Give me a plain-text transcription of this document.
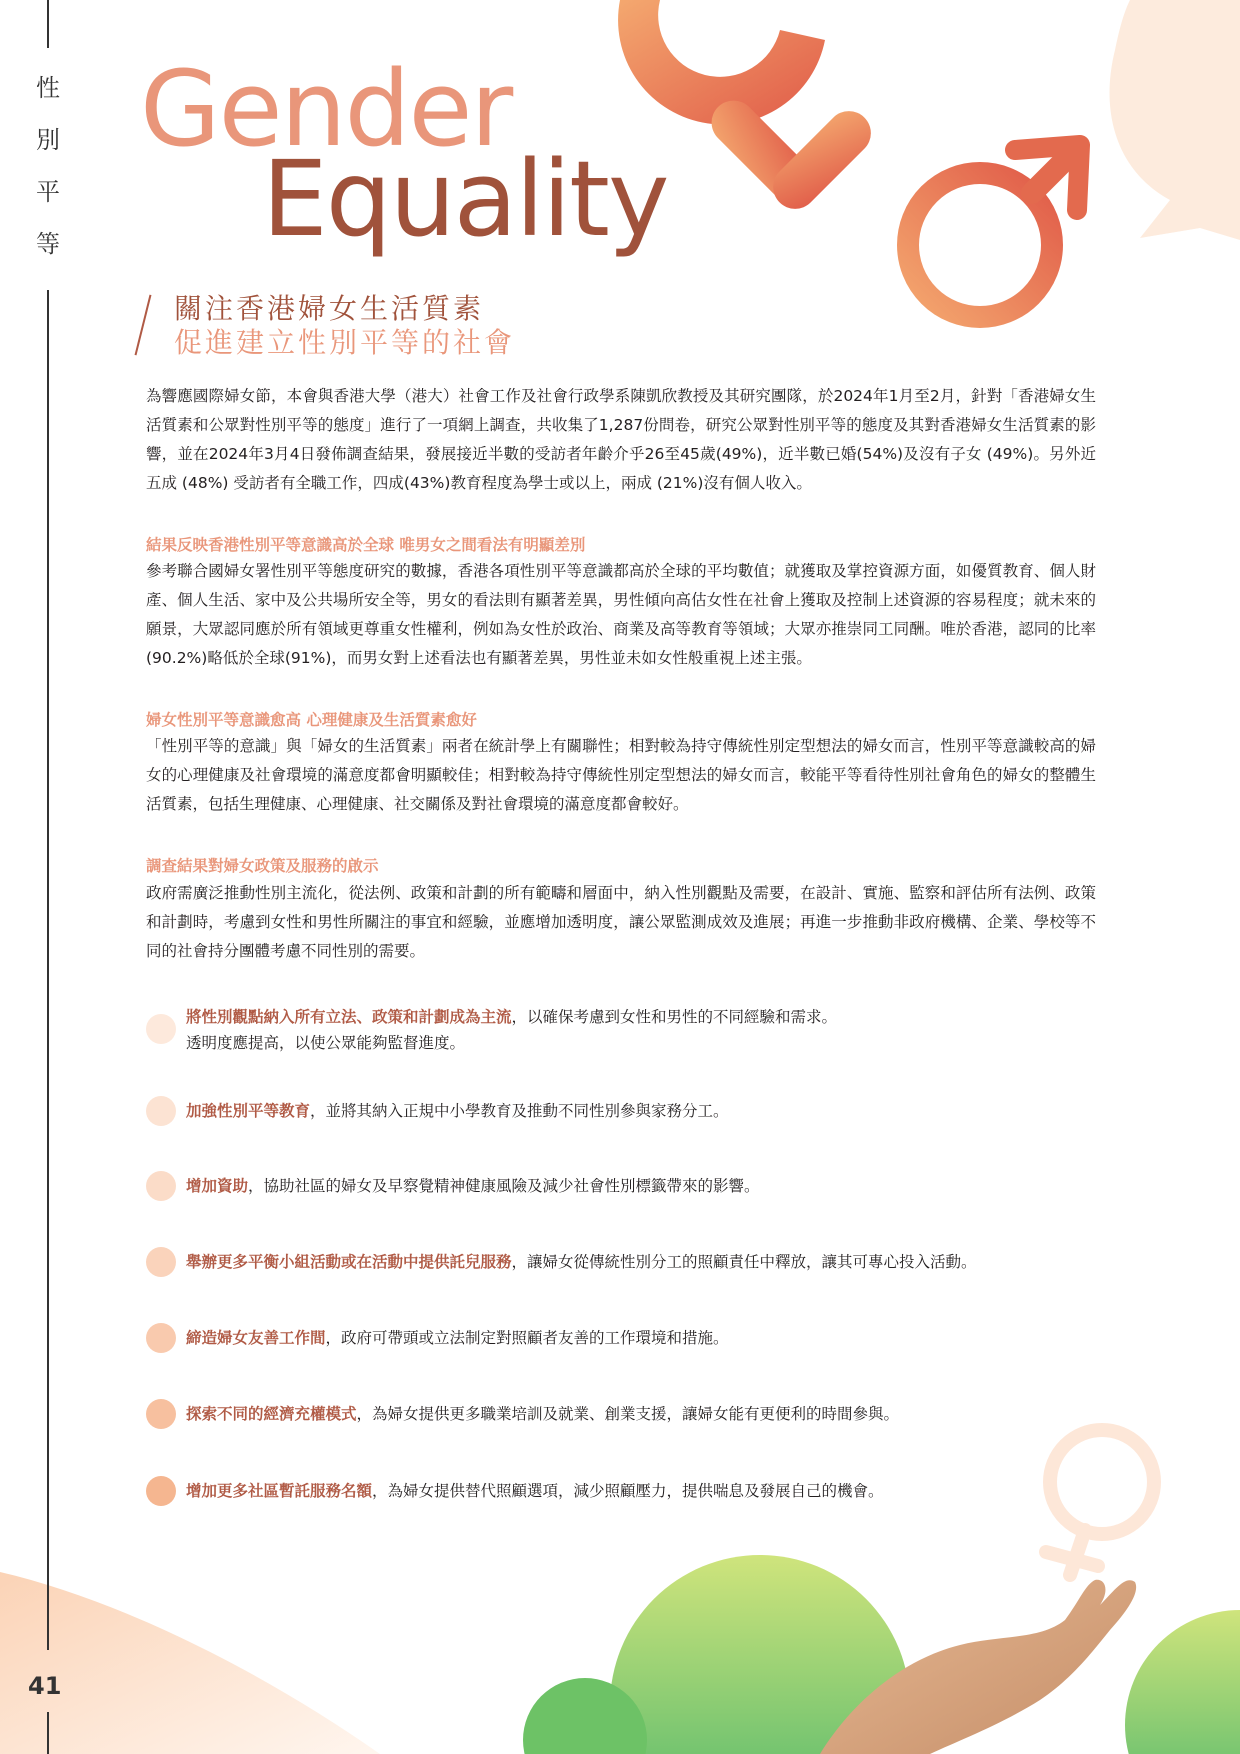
性
別
平
等
41
Gender
Equality
關注香港婦女生活質素
促進建立性別平等的社會
為響應國際婦女節，本會與香港大學（港大）社會工作及社會行政學系陳凱欣教授及其研究團隊，於2024年1月至2月，針對「香港婦女生活質素和公眾對性別平等的態度」進行了一項網上調查，共收集了1,287份問卷，研究公眾對性別平等的態度及其對香港婦女生活質素的影響，並在2024年3月4日發佈調查結果，發展接近半數的受訪者年齡介乎26至45歲(49%)，近半數已婚(54%)及沒有子女 (49%)。另外近五成 (48%) 受訪者有全職工作，四成(43%)教育程度為學士或以上，兩成 (21%)沒有個人收入。
結果反映香港性別平等意識高於全球 唯男女之間看法有明顯差別
參考聯合國婦女署性別平等態度研究的數據，香港各項性別平等意識都高於全球的平均數值；就獲取及掌控資源方面，如優質教育、個人財產、個人生活、家中及公共場所安全等，男女的看法則有顯著差異，男性傾向高估女性在社會上獲取及控制上述資源的容易程度；就未來的願景，大眾認同應於所有領域更尊重女性權利，例如為女性於政治、商業及高等教育等領域；大眾亦推崇同工同酬。唯於香港，認同的比率(90.2%)略低於全球(91%)，而男女對上述看法也有顯著差異，男性並未如女性般重視上述主張。
婦女性別平等意識愈高 心理健康及生活質素愈好
「性別平等的意識」與「婦女的生活質素」兩者在統計學上有關聯性；相對較為持守傳統性別定型想法的婦女而言，性別平等意識較高的婦女的心理健康及社會環境的滿意度都會明顯較佳；相對較為持守傳統性別定型想法的婦女而言，較能平等看待性別社會角色的婦女的整體生活質素，包括生理健康、心理健康、社交關係及對社會環境的滿意度都會較好。
調查結果對婦女政策及服務的啟示
政府需廣泛推動性別主流化，從法例、政策和計劃的所有範疇和層面中，納入性別觀點及需要，在設計、實施、監察和評估所有法例、政策和計劃時，考慮到女性和男性所關注的事宜和經驗，並應增加透明度，讓公眾監測成效及進展；再進一步推動非政府機構、企業、學校等不同的社會持分團體考慮不同性別的需要。
將性別觀點納入所有立法、政策和計劃成為主流，以確保考慮到女性和男性的不同經驗和需求。
透明度應提高，以使公眾能夠監督進度。
加強性別平等教育，並將其納入正規中小學教育及推動不同性別參與家務分工。
增加資助，協助社區的婦女及早察覺精神健康風險及減少社會性別標籤帶來的影響。
舉辦更多平衡小組活動或在活動中提供託兒服務，讓婦女從傳統性別分工的照顧責任中釋放，讓其可專心投入活動。
締造婦女友善工作間，政府可帶頭或立法制定對照顧者友善的工作環境和措施。
探索不同的經濟充權模式，為婦女提供更多職業培訓及就業、創業支援，讓婦女能有更便利的時間參與。
增加更多社區暫託服務名額，為婦女提供替代照顧選項，減少照顧壓力，提供喘息及發展自己的機會。
